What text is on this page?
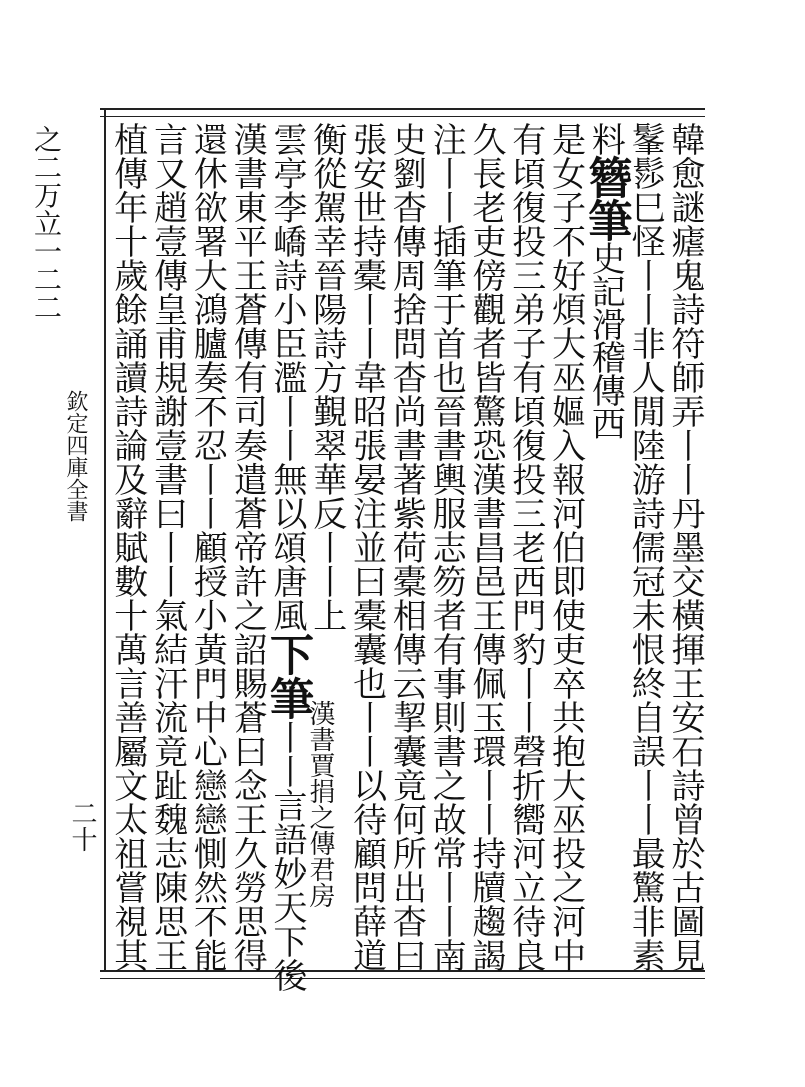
之二万立一二二
欽定四庫全書
二十	韓愈謎瘧鬼詩符師弄丨丨丹墨交橫揮王安石詩曾於古圖見
髼髿巳怪丨丨非人閒陸游詩儒冠未恨終自誤丨丨最驚非素
料簪筆史記滑稽傳西
是女子不好煩大巫嫗入報河伯即使吏卒共抱大巫投之河中
有頃復投三弟子有頃復投三老西門豹丨丨磬折嚮河立待良
久長老吏傍觀者皆驚恐漢書昌邑王傳佩玉環丨丨持牘趨謁
注丨丨插筆于首也晉書輿服志笏者有事則書之故常丨丨南
史劉杳傳周捨問杳尚書著紫荷橐相傳云挈囊竟何所出杳曰
張安世持橐丨丨韋昭張晏注並曰橐囊也丨丨以待顧問薛道
衡從駕幸晉陽詩方覲翠華反丨丨上
漢書賈捐之傳君房
雲亭李嶠詩小臣濫丨丨無以頌唐風下筆丨丨言語妙天下後
漢書東平王蒼傳有司奏遣蒼帝許之詔賜蒼曰念王久勞思得
還休欲署大鴻臚奏不忍丨丨顧授小黃門中心戀戀惻然不能
言又趙壹傳皇甫規謝壹書曰丨丨氣結汗流竟趾魏志陳思王
植傳年十歲餘誦讀詩論及辭賦數十萬言善屬文太祖嘗視其
